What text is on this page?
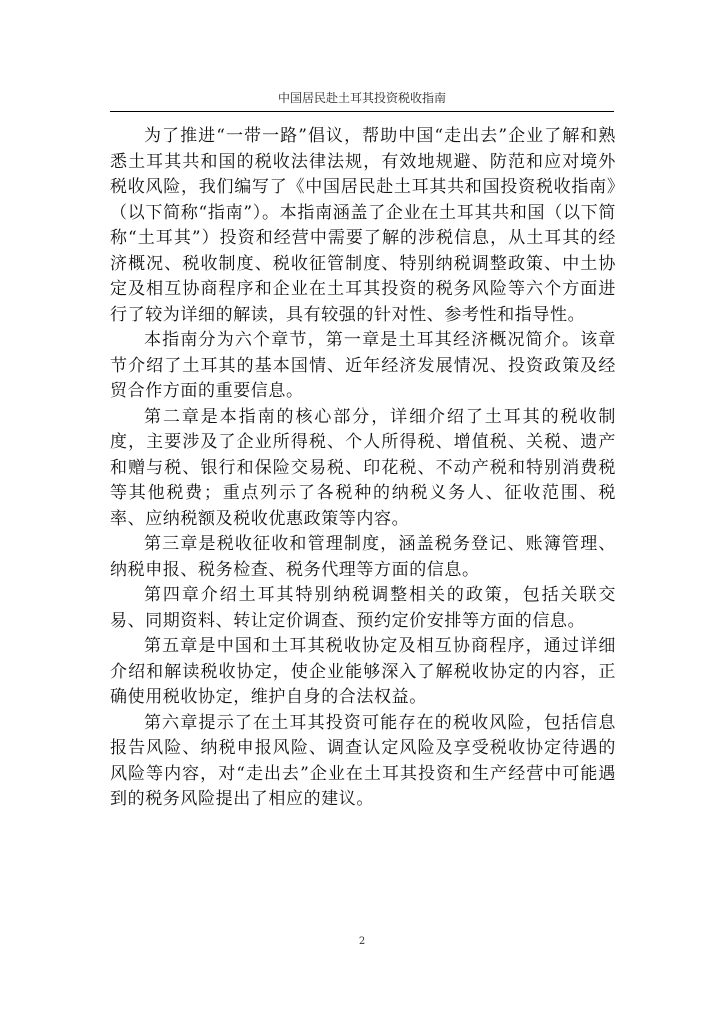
中国居民赴土耳其投资税收指南

为了推进“一带一路”倡议，帮助中国“走出去”企业了解和熟悉土耳其共和国的税收法律法规，有效地规避、防范和应对境外税收风险，我们编写了《中国居民赴土耳其共和国投资税收指南》（以下简称“指南”）。本指南涵盖了企业在土耳其共和国（以下简称“土耳其”）投资和经营中需要了解的涉税信息，从土耳其的经济概况、税收制度、税收征管制度、特别纳税调整政策、中土协定及相互协商程序和企业在土耳其投资的税务风险等六个方面进行了较为详细的解读，具有较强的针对性、参考性和指导性。

本指南分为六个章节，第一章是土耳其经济概况简介。该章节介绍了土耳其的基本国情、近年经济发展情况、投资政策及经贸合作方面的重要信息。

第二章是本指南的核心部分，详细介绍了土耳其的税收制度，主要涉及了企业所得税、个人所得税、增值税、关税、遗产和赠与税、银行和保险交易税、印花税、不动产税和特别消费税等其他税费；重点列示了各税种的纳税义务人、征收范围、税率、应纳税额及税收优惠政策等内容。

第三章是税收征收和管理制度，涵盖税务登记、账簿管理、纳税申报、税务检查、税务代理等方面的信息。

第四章介绍土耳其特别纳税调整相关的政策，包括关联交易、同期资料、转让定价调查、预约定价安排等方面的信息。

第五章是中国和土耳其税收协定及相互协商程序，通过详细介绍和解读税收协定，使企业能够深入了解税收协定的内容，正确使用税收协定，维护自身的合法权益。

第六章提示了在土耳其投资可能存在的税收风险，包括信息报告风险、纳税申报风险、调查认定风险及享受税收协定待遇的风险等内容，对“走出去”企业在土耳其投资和生产经营中可能遇到的税务风险提出了相应的建议。

2
